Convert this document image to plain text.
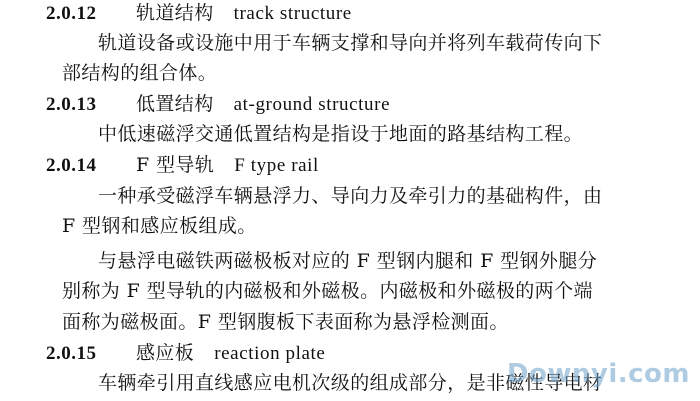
2.0.12 轨道结构 track structure
轨道设备或设施中用于车辆支撑和导向并将列车载荷传向下
部结构的组合体。
2.0.13 低置结构 at-ground structure
中低速磁浮交通低置结构是指设于地面的路基结构工程。
2.0.14 F 型导轨 F type rail
一种承受磁浮车辆悬浮力、导向力及牵引力的基础构件，由
F 型钢和感应板组成。
与悬浮电磁铁两磁极板对应的 F 型钢内腿和 F 型钢外腿分
别称为 F 型导轨的内磁极和外磁极。内磁极和外磁极的两个端
面称为磁极面。F 型钢腹板下表面称为悬浮检测面。
2.0.15 感应板 reaction plate
车辆牵引用直线感应电机次级的组成部分，是非磁性导电材
Downyi.com
